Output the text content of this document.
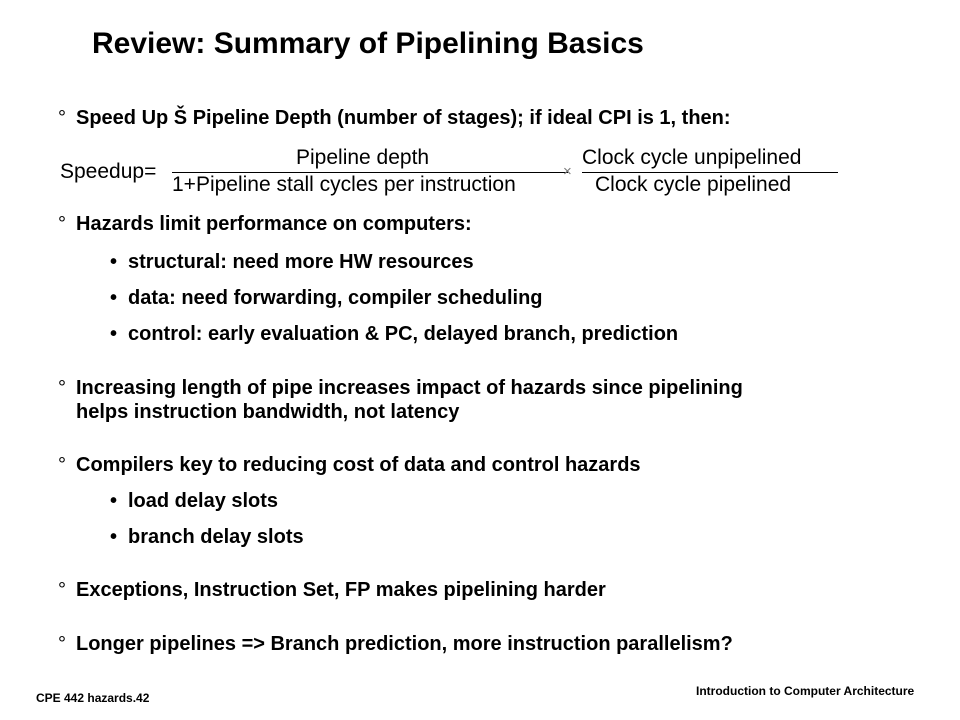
Review: Summary of Pipelining Basics
° Speed Up Š Pipeline Depth (number of stages); if ideal CPI is 1, then:
Speedup=
Pipeline depth
1+Pipeline stall cycles per instruction
×
Clock cycle unpipelined
Clock cycle pipelined
° Hazards limit performance on computers:
• structural: need more HW resources
• data: need forwarding, compiler scheduling
• control: early evaluation & PC, delayed branch, prediction
° Increasing length of pipe increases impact of hazards since pipelining
helps instruction bandwidth, not latency
° Compilers key to reducing cost of data and control hazards
• load delay slots
• branch delay slots
° Exceptions, Instruction Set, FP makes pipelining harder
° Longer pipelines => Branch prediction, more instruction parallelism?
CPE 442 hazards.42	Introduction to Computer Architecture
